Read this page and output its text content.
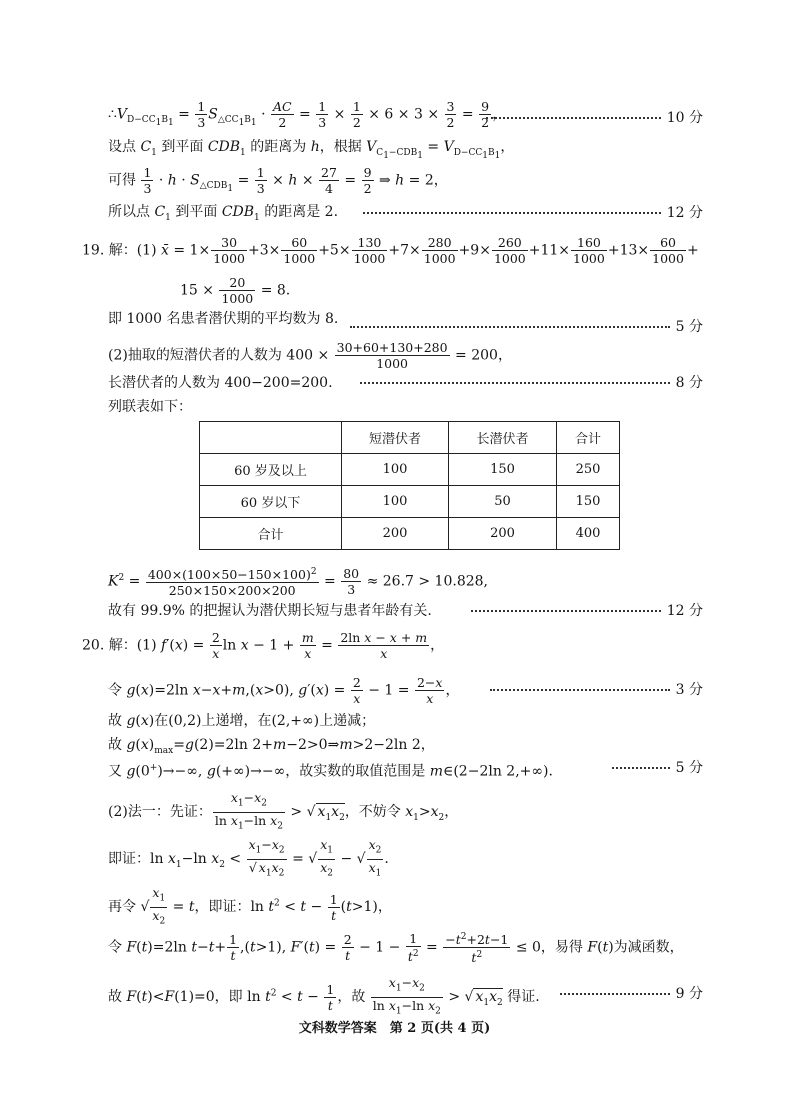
$\therefore V_{D-CC_1B_1} = \frac{1}{3} S_{\triangle CC_1B_1} \cdot \frac{AC}{2} = \frac{1}{3} \times \frac{1}{2} \times 6 \times 3 \times \frac{3}{2} = \frac{9}{2}$ ，	10 分
设点 $C_1$ 到平面 $CDB_1$ 的距离为 h，根据 $V_{C_1-CDB_1} = V_{D-CC_1B_1}$，
可得 $\frac{1}{3} \cdot h \cdot S_{\triangle CDB_1} = \frac{1}{3} \times h \times \frac{27}{4} = \frac{9}{2}$ ⇒ h = 2，
所以点 $C_1$ 到平面 $CDB_1$ 的距离是 2.	12 分
19. 解：(1) x̄ = $1\times \frac{30}{1000} +3\times \frac{60}{1000} +5\times \frac{130}{1000} +7\times \frac{280}{1000} +9\times \frac{260}{1000} +11\times \frac{160}{1000} +13\times \frac{60}{1000}$ +
$15 \times \frac{20}{1000} = 8$.
即 1000 名患者潜伏期的平均数为 8.	5 分
(2)抽取的短潜伏者的人数为 $400 \times \frac{30+60+130+280}{1000} = 200$，
长潜伏者的人数为 400−200=200.	8 分
列联表如下：
	短潜伏者	长潜伏者	合计
60 岁及以上	100	150	250
60 岁以下	100	50	150
合计	200	200	400
$K^2 = \frac{400\times(100\times 50-150\times 100)^2}{250\times 150\times 200\times 200} = \frac{80}{3} \approx 26.7 > 10.828$,
故有 99.9% 的把握认为潜伏期长短与患者年龄有关.	12 分
20. 解：(1) $f'(x) = \frac{2}{x}$ $\ln x - 1 + \frac{m}{x} = \frac{\text{2ln x − x + m}}{x}$ ，
令 g(x)=2ln x−x+m,(x>0), $g'(x) = \frac{2}{x} - 1 = \frac{2-x}{x}$ ，	3 分
故 g(x)在(0,2)上递增，在(2,+∞)上递减；
故 $g(x)_{max}=g(2)=2\ln$ 2+m−2>0⇒m>2−2ln 2，
又 g(0+)→−∞, g(+∞)→−∞，故实数的取值范围是 m∈(2−2ln 2,+∞).	5 分
(2)法一：先证： $\frac{x_1-x_2}{\ln x_1-\ln x_2}$ > √ $x_1x_2$，不妨令 $x_1>x_2$，
即证：$\ln x_1-\ln$ $x_2 < \frac{x_1-x_2}{√ x_1x_2}$ = √ $\frac{x_1}{x_2}$ − √ $\frac{x_2}{x_1}$ .
再令 √ $\frac{x_1}{x_2} = t$，即证：$\ln t^2 < t - \frac{1}{t} (t>1)$，
令 F(t)=2ln $t-t+ \frac{1}{t} ,(t>1)$, $F'(t) = \frac{2}{t} - 1 - \frac{1}{t^2} = \frac{-t^2+2t-1}{t^2} \le 0$，易得 F(t)为减函数，
故 F(t)<F(1)=0，即 $\ln t^2 < t - \frac{1}{t}$ ，故 $\frac{x_1-x_2}{\ln x_1-\ln x_2}$ > √ $x_1x_2$ 得证.	9 分
文科数学答案　第 2 页(共 4 页)
